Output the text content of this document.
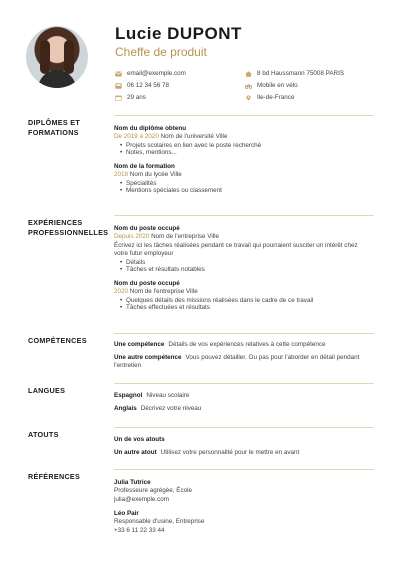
Lucie DUPONT
Cheffe de produit
email@exemple.com
06 12 34 56 78
29 ans
8 bd Haussmann 75008 PARIS
Mobile en vélo
Ile-de-France
DIPLÔMES ET
FORMATIONS	Nom du diplôme obtenu
De 2019 à 2020 Nom de l'université Ville
• Projets scolaires en lien avec le poste recherché
• Notes, mentions...
Nom de la formation
2018 Nom du lycée Ville
• Spécialités
• Mentions spéciales ou classement
EXPÉRIENCES
PROFESSIONNELLES Nom du poste occupé
Depuis 2020 Nom de l'entreprise Ville
Écrivez ici les tâches réalisées pendant ce travail qui pourraient susciter un intérêt chez
votre futur employeur
• Détails
• Tâches et résultats notables
Nom du poste occupé
2020 Nom de l'entreprise Ville
• Quelques détails des missions réalisées dans le cadre de ce travail
• Tâches effectuées et résultats
COMPÉTENCES	Une compétence Détails de vos expériences relatives à cette compétence
Une autre compétence Vous pouvez détailler. Ou pas pour l'aborder en détail pendant
l'entretien
LANGUES
Espagnol Niveau scolaire
Anglais Décrivez votre niveau
ATOUTS
Un de vos atouts
Un autre atout Utilisez votre personnalité pour le mettre en avant
RÉFÉRENCES
Julia Tutrice
Professeure agrégée, École
julia@exemple.com
Léo Pair
Responsable d'usine, Entreprise
+33 6 11 22 33 44
